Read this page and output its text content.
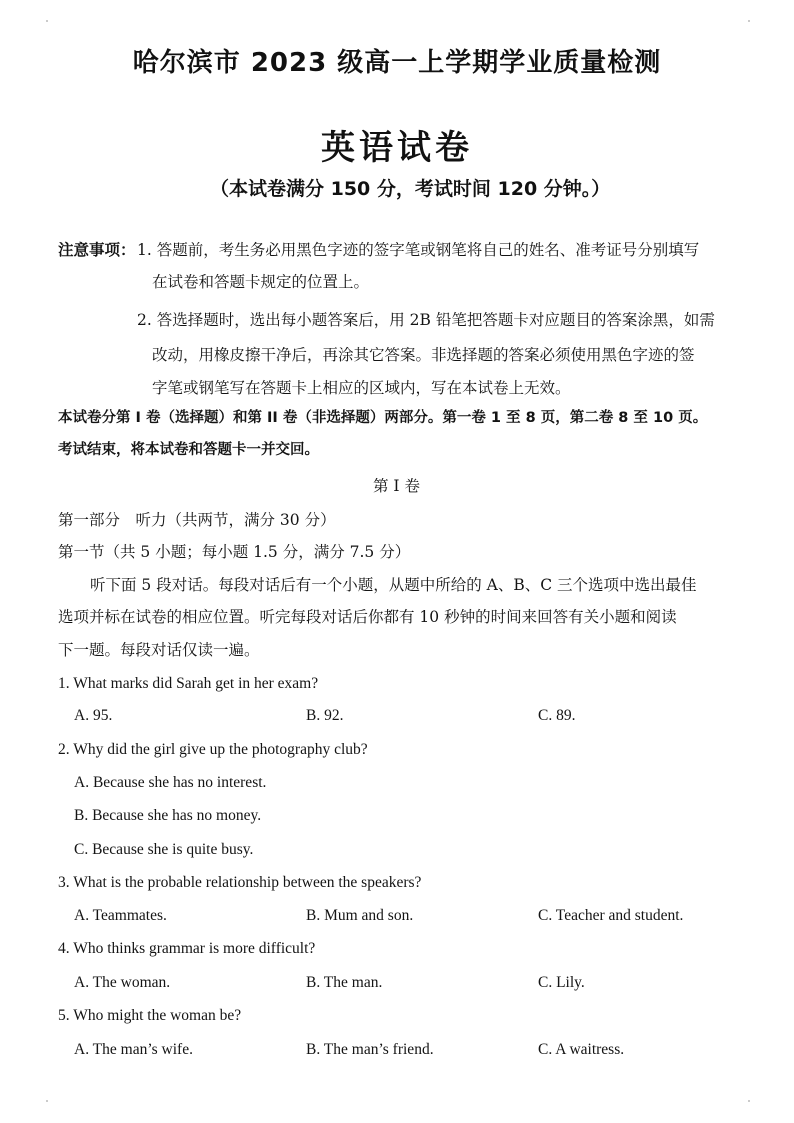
哈尔滨市 2023 级高一上学期学业质量检测
英语试卷
（本试卷满分 150 分，考试时间 120 分钟。）
注意事项： 1. 答题前，考生务必用黑色字迹的签字笔或钢笔将自己的姓名、准考证号分别填写
在试卷和答题卡规定的位置上。
2. 答选择题时，选出每小题答案后，用 2B 铅笔把答题卡对应题目的答案涂黑，如需
改动，用橡皮擦干净后，再涂其它答案。非选择题的答案必须使用黑色字迹的签
字笔或钢笔写在答题卡上相应的区域内，写在本试卷上无效。
本试卷分第 I 卷（选择题）和第 II 卷（非选择题）两部分。第一卷 1 至 8 页，第二卷 8 至 10 页。
考试结束，将本试卷和答题卡一并交回。
第 I 卷
第一部分　听力（共两节，满分 30 分）
第一节（共 5 小题；每小题 1.5 分，满分 7.5 分）
听下面 5 段对话。每段对话后有一个小题，从题中所给的 A、B、C 三个选项中选出最佳
选项并标在试卷的相应位置。听完每段对话后你都有 10 秒钟的时间来回答有关小题和阅读
下一题。每段对话仅读一遍。
1. What marks did Sarah get in her exam?
A. 95.	B. 92.	C. 89.
2. Why did the girl give up the photography club?
A. Because she has no interest.
B. Because she has no money.
C. Because she is quite busy.
3. What is the probable relationship between the speakers?
A. Teammates.	B. Mum and son.	C. Teacher and student.
4. Who thinks grammar is more difficult?
A. The woman.	B. The man.	C. Lily.
5. Who might the woman be?
A. The man’s wife.	B. The man’s friend.	C. A waitress.
